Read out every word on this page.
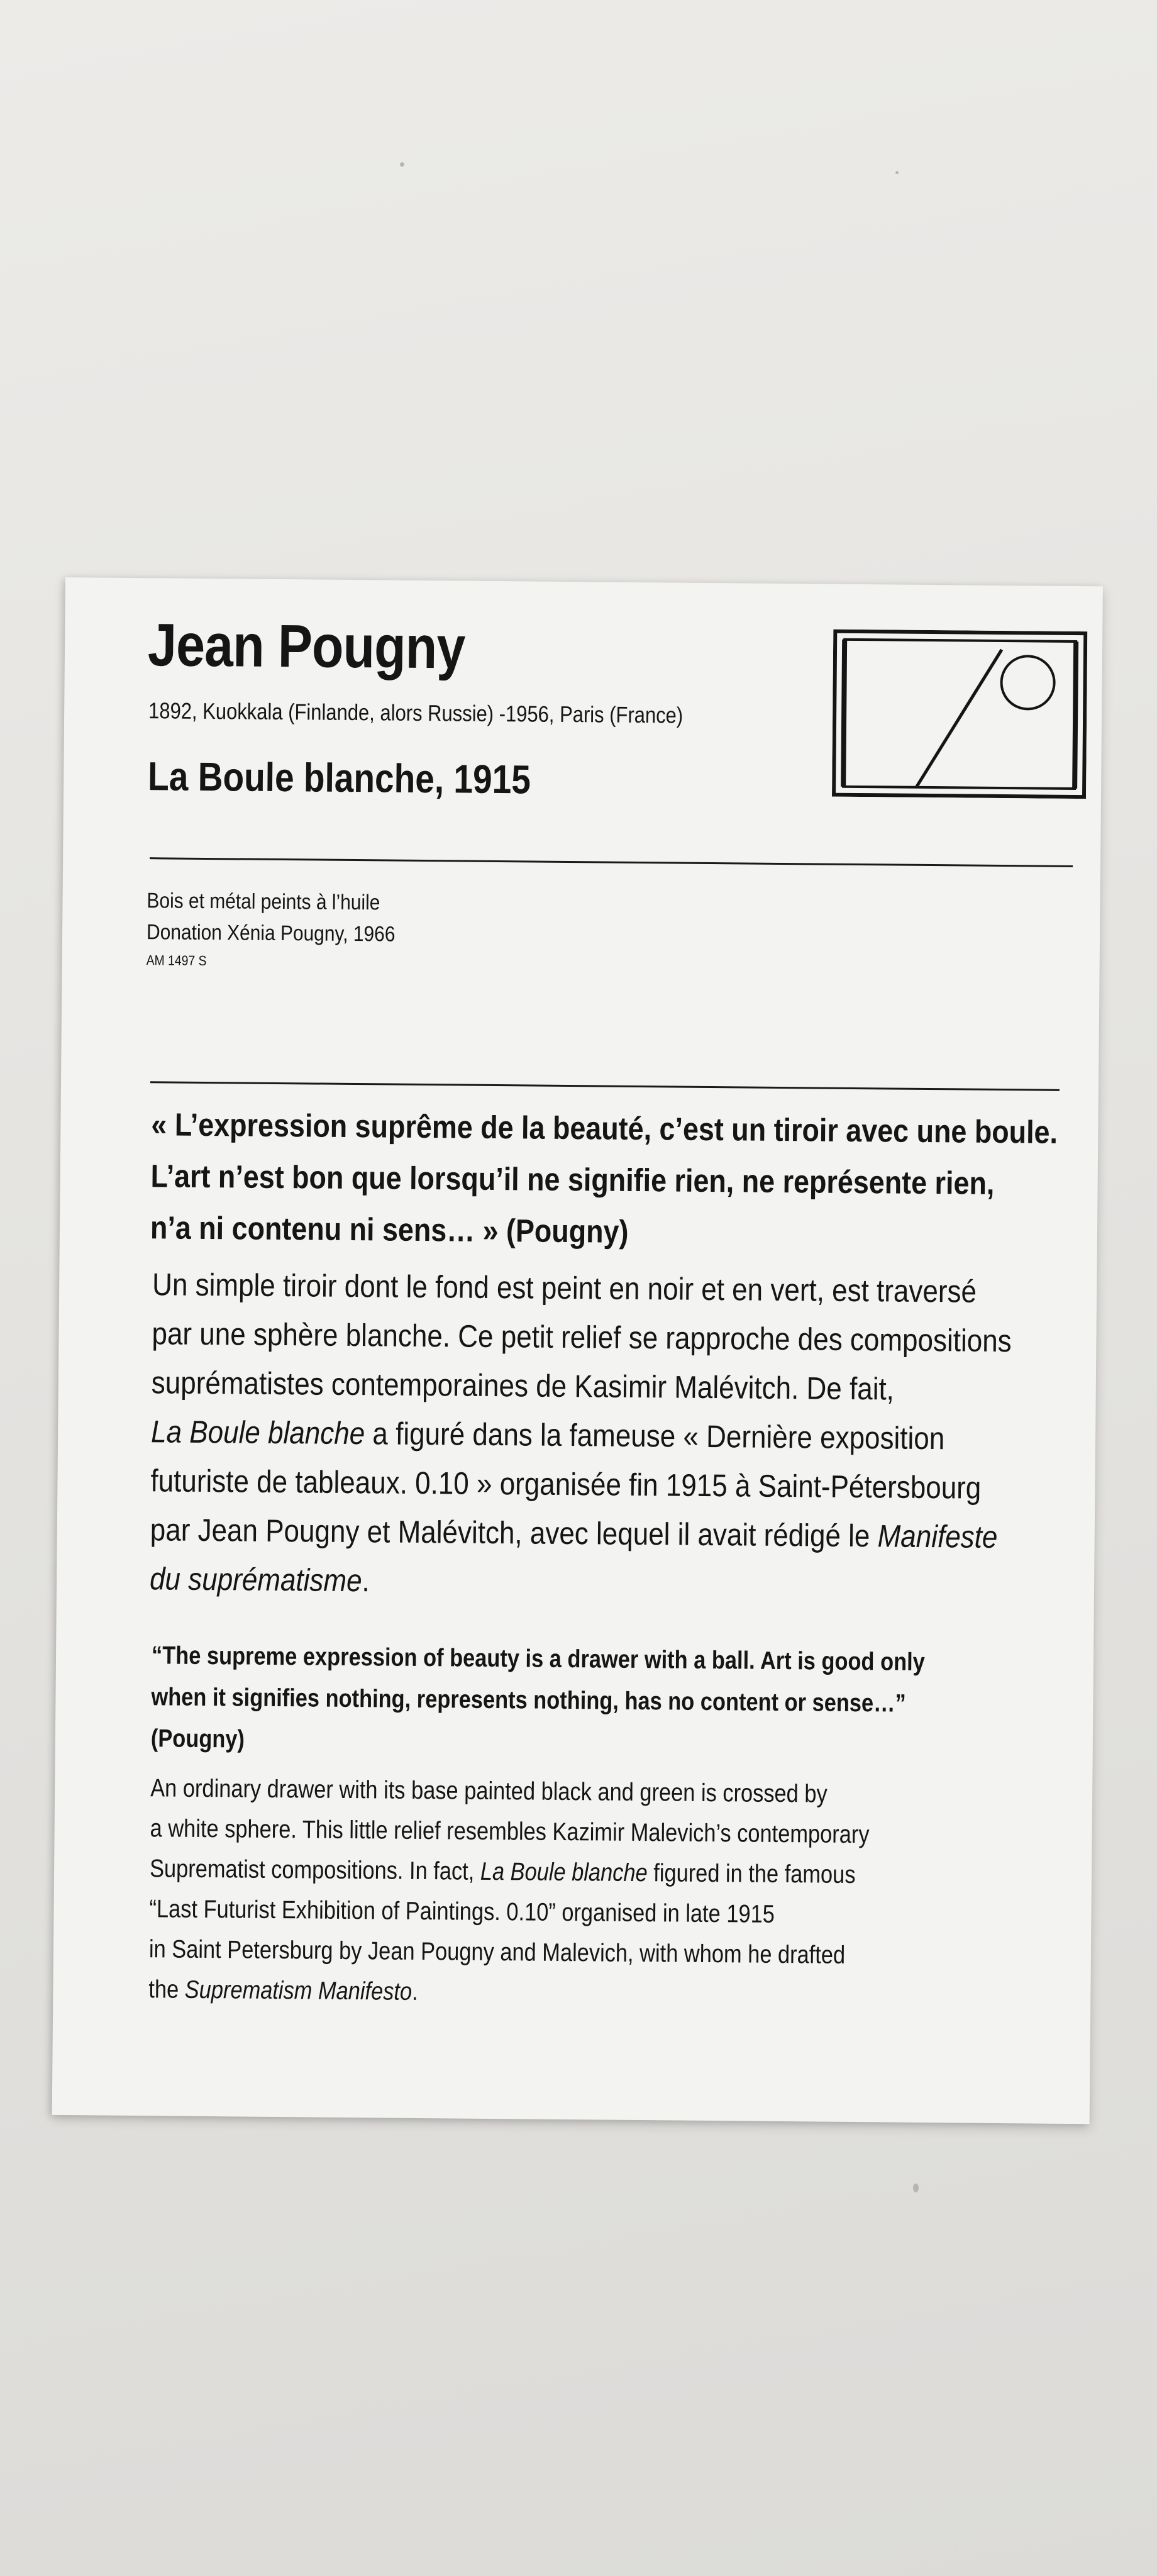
Jean Pougny
1892, Kuokkala (Finlande, alors Russie) -1956, Paris (France)
La Boule blanche, 1915
Bois et métal peints à l’huile
Donation Xénia Pougny, 1966
AM 1497 S
« L’expression suprême de la beauté, c’est un tiroir avec une boule.
L’art n’est bon que lorsqu’il ne signifie rien, ne représente rien,
n’a ni contenu ni sens… » (Pougny)
Un simple tiroir dont le fond est peint en noir et en vert, est traversé
par une sphère blanche. Ce petit relief se rapproche des compositions
suprématistes contemporaines de Kasimir Malévitch. De fait,
La Boule blanche a figuré dans la fameuse « Dernière exposition
futuriste de tableaux. 0.10 » organisée fin 1915 à Saint-Pétersbourg
par Jean Pougny et Malévitch, avec lequel il avait rédigé le Manifeste
du suprématisme.
“The supreme expression of beauty is a drawer with a ball. Art is good only
when it signifies nothing, represents nothing, has no content or sense…”
(Pougny)
An ordinary drawer with its base painted black and green is crossed by
a white sphere. This little relief resembles Kazimir Malevich’s contemporary
Suprematist compositions. In fact, La Boule blanche figured in the famous
“Last Futurist Exhibition of Paintings. 0.10” organised in late 1915
in Saint Petersburg by Jean Pougny and Malevich, with whom he drafted
the Suprematism Manifesto.
